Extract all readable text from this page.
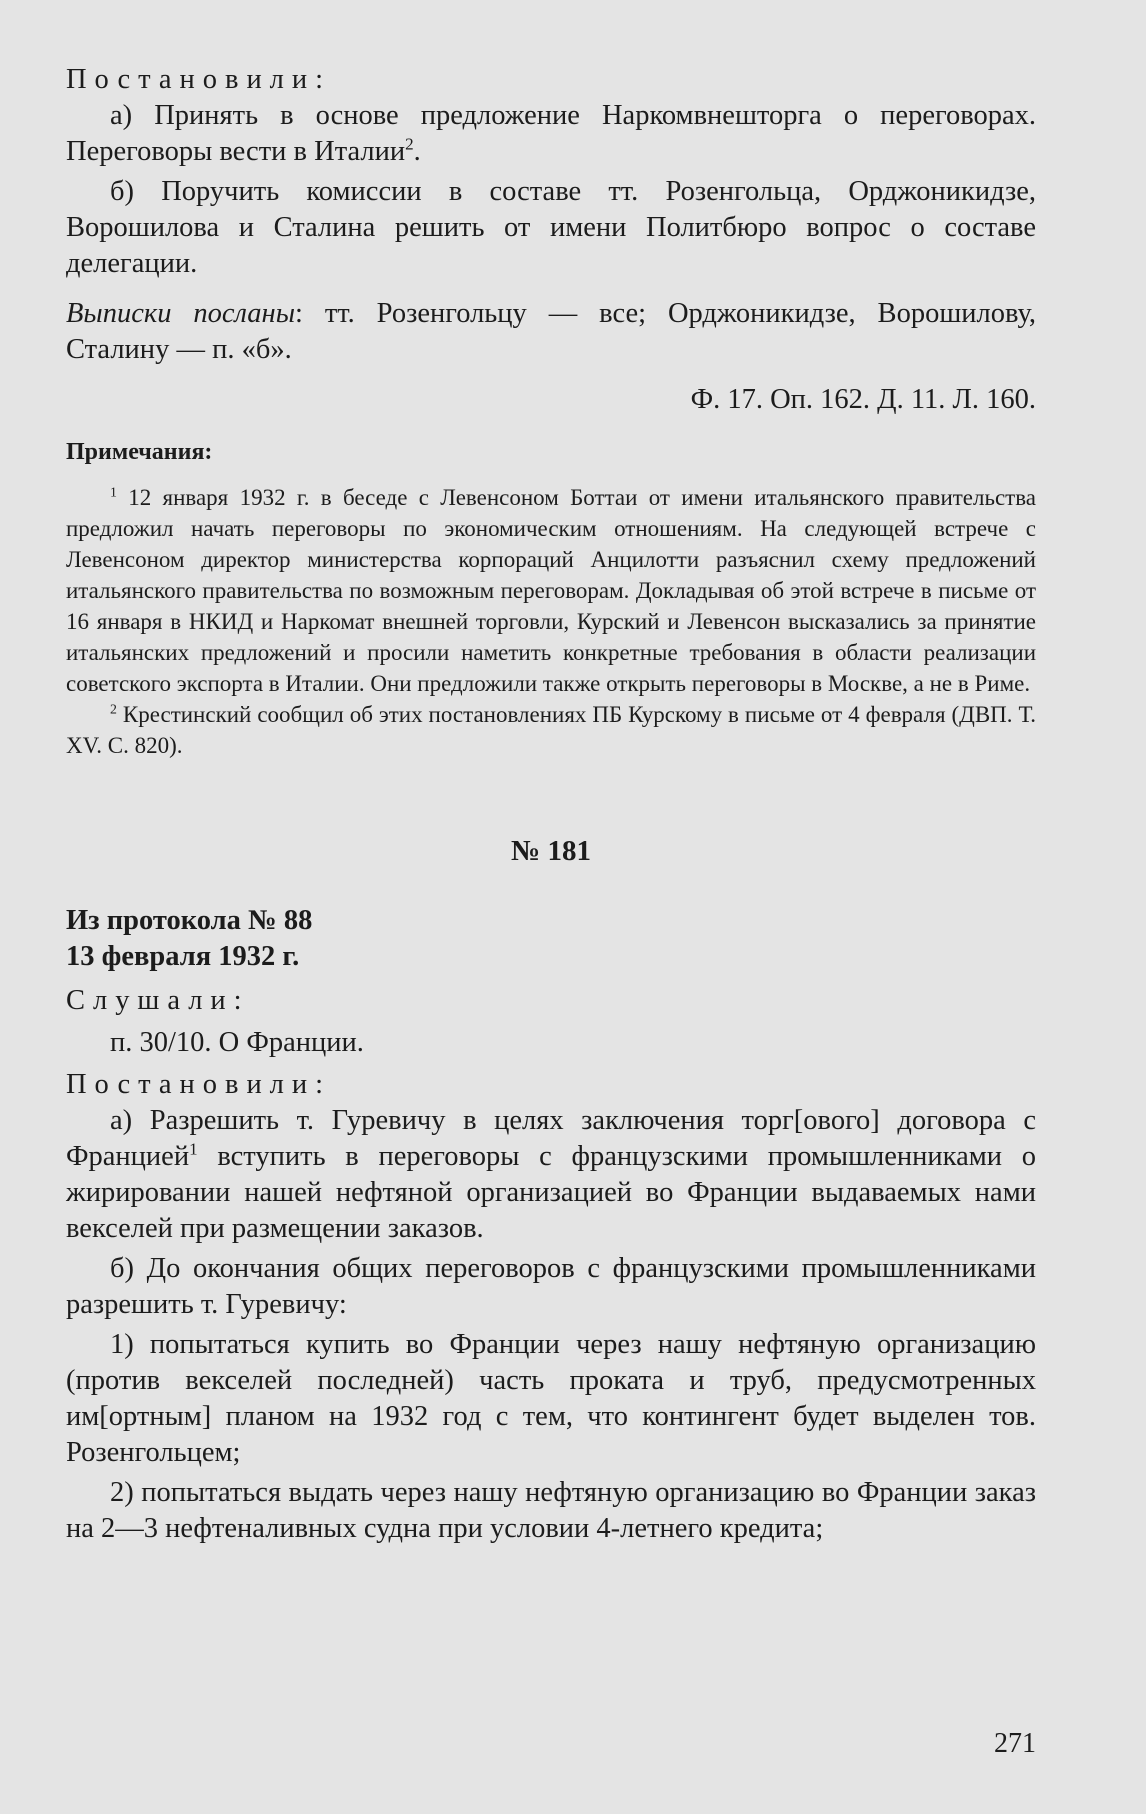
Постановили:

а) Принять в основе предложение Наркомвнешторга о переговорах. Переговоры вести в Италии$^2$.

б) Поручить комиссии в составе тт. Розенгольца, Орджоникидзе, Ворошилова и Сталина решить от имени Политбюро вопрос о составе делегации.

Выписки посланы: тт. Розенгольцу — все; Орджоникидзе, Ворошилову, Сталину — п. «б».

Ф. 17. Оп. 162. Д. 11. Л. 160.

Примечания:

$^1$ 12 января 1932 г. в беседе с Левенсоном Боттаи от имени итальянского правительства предложил начать переговоры по экономическим отношениям. На следующей встрече с Левенсоном директор министерства корпораций Анцилотти разъяснил схему предложений итальянского правительства по возможным переговорам. Докладывая об этой встрече в письме от 16 января в НКИД и Наркомат внешней торговли, Курский и Левенсон высказались за принятие итальянских предложений и просили наметить конкретные требования в области реализации советского экспорта в Италии. Они предложили также открыть переговоры в Москве, а не в Риме.

$^2$ Крестинский сообщил об этих постановлениях ПБ Курскому в письме от 4 февраля (ДВП. Т. XV. С. 820).

№ 181

Из протокола № 88

13 февраля 1932 г.

Слушали:

п. 30/10. О Франции.

Постановили:

а) Разрешить т. Гуревичу в целях заключения торг[ового] договора с Францией$^1$ вступить в переговоры с французскими промышленниками о жирировании нашей нефтяной организацией во Франции выдаваемых нами векселей при размещении заказов.

б) До окончания общих переговоров с французскими промышленниками разрешить т. Гуревичу:

1) попытаться купить во Франции через нашу нефтяную организацию (против векселей последней) часть проката и труб, предусмотренных им[ортным] планом на 1932 год с тем, что контингент будет выделен тов. Розенгольцем;

2) попытаться выдать через нашу нефтяную организацию во Франции заказ на 2—3 нефтеналивных судна при условии 4-летнего кредита;

271
